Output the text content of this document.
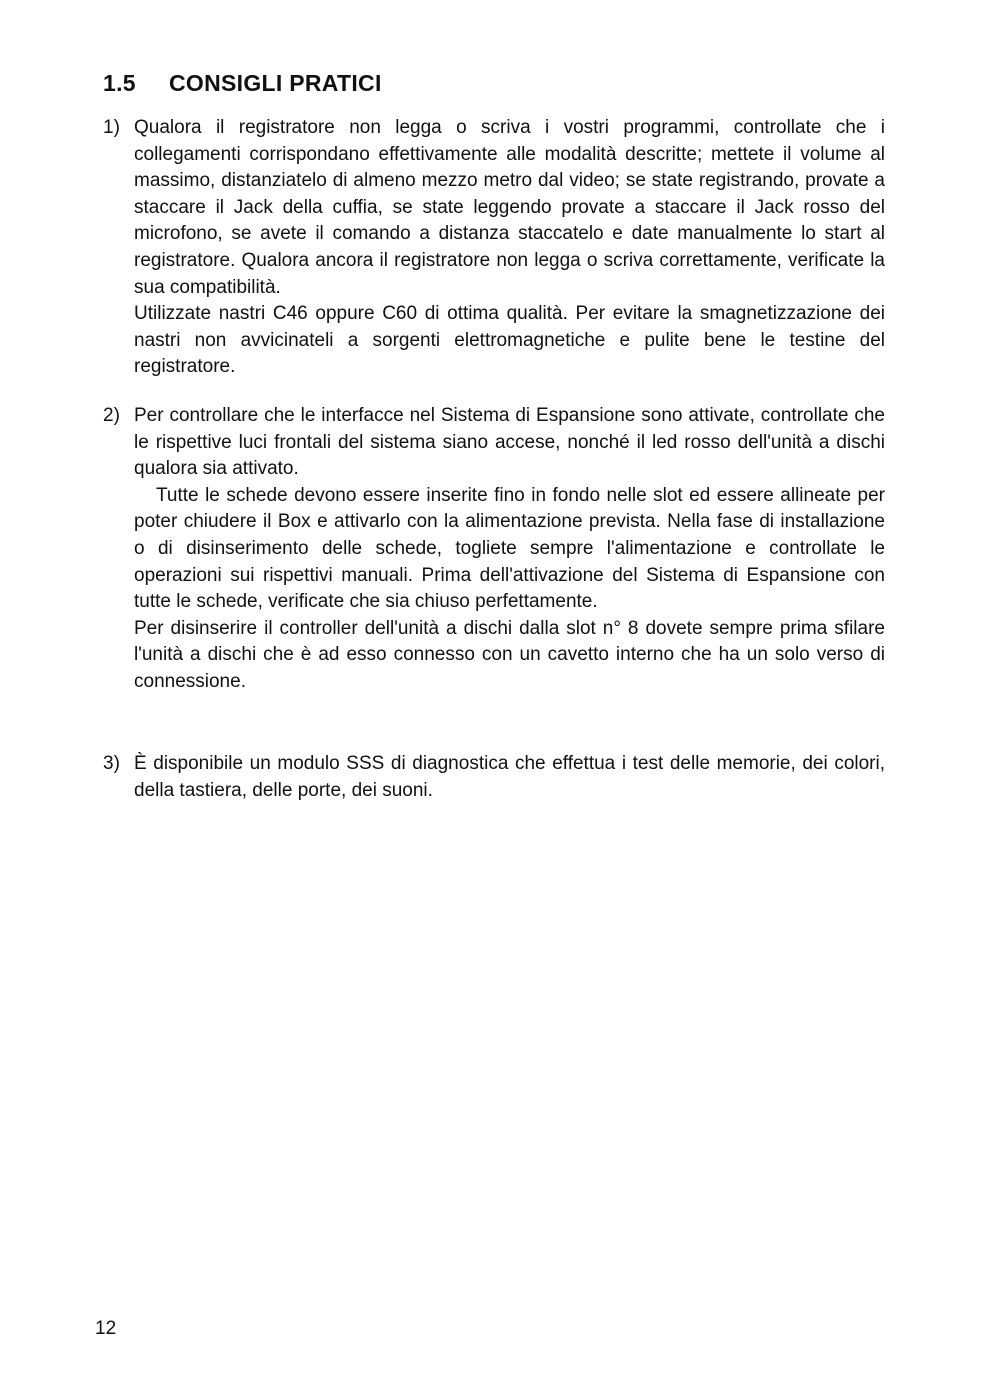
1.5 CONSIGLI PRATICI
1) Qualora il registratore non legga o scriva i vostri programmi, controllate che i collegamenti corrispondano effettivamente alle modalità descritte; mettete il volume al massimo, distanziatelo di almeno mezzo metro dal video; se state registrando, provate a staccare il Jack della cuffia, se state leggendo provate a staccare il Jack rosso del microfono, se avete il comando a distanza staccatelo e date manualmente lo start al registratore. Qualora ancora il registratore non legga o scriva correttamente, verificate la sua compatibilità.

Utilizzate nastri C46 oppure C60 di ottima qualità. Per evitare la smagnetizzazione dei nastri non avvicinateli a sorgenti elettromagnetiche e pulite bene le testine del registratore.

2) Per controllare che le interfacce nel Sistema di Espansione sono attivate, controllate che le rispettive luci frontali del sistema siano accese, nonché il led rosso dell'unità a dischi qualora sia attivato.

Tutte le schede devono essere inserite fino in fondo nelle slot ed essere allineate per poter chiudere il Box e attivarlo con la alimentazione prevista. Nella fase di installazione o di disinserimento delle schede, togliete sempre l'alimentazione e controllate le operazioni sui rispettivi manuali. Prima dell'attivazione del Sistema di Espansione con tutte le schede, verificate che sia chiuso perfettamente.

Per disinserire il controller dell'unità a dischi dalla slot n° 8 dovete sempre prima sfilare l'unità a dischi che è ad esso connesso con un cavetto interno che ha un solo verso di connessione.

3) È disponibile un modulo SSS di diagnostica che effettua i test delle memorie, dei colori, della tastiera, delle porte, dei suoni.

12
